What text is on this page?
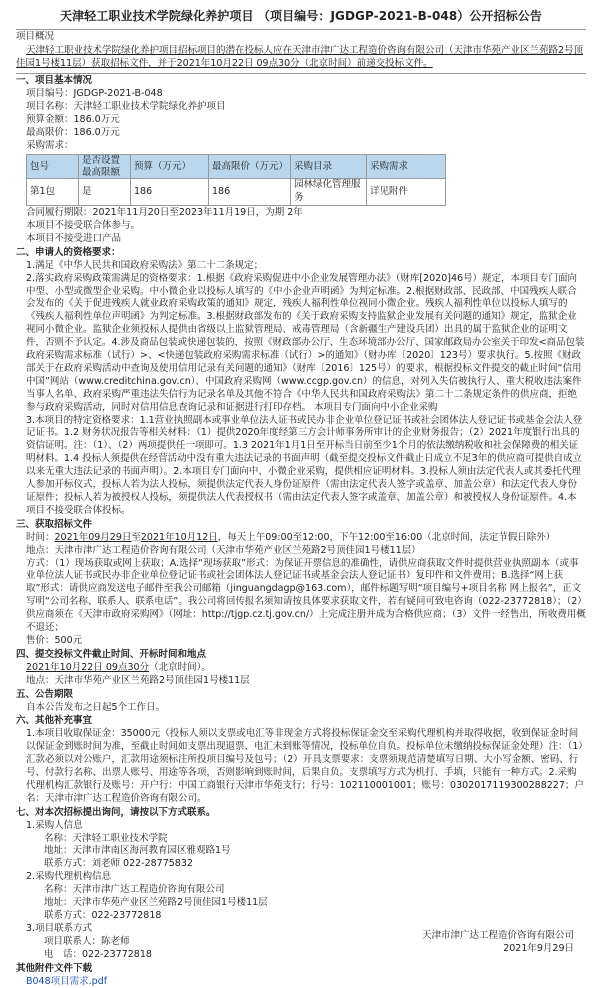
天津轻工职业技术学院绿化养护项目 （项目编号：JGDGP-2021-B-048）公开招标公告
项目概况
天津轻工职业技术学院绿化养护项目招标项目的潜在投标人应在天津市津广达工程造价咨询有限公司（天津市华苑产业区兰苑路2号顶佳园1号楼11层）获取招标文件，并于2021年10月22日 09点30分（北京时间）前递交投标文件。
一、项目基本情况
项目编号：JGDGP-2021-B-048
项目名称：天津轻工职业技术学院绿化养护项目
预算金额：186.0万元
最高限价：186.0万元
采购需求：
包号	是否设置最高限额	预算（万元）	最高限价（万元）	采购目录	采购需求
第1包	是	186	186	园林绿化管理服务	详见附件
合同履行期限：2021年11月20日至2023年11月19日，为期 2年
本项目不接受联合体参与。
本项目不接受进口产品
二、申请人的资格要求：
1.满足《中华人民共和国政府采购法》第二十二条规定；
2.落实政府采购政策需满足的资格要求：1.根据《政府采购促进中小企业发展管理办法》（财库[2020]46号）规定，本项目专门面向中型、小型或微型企业采购。中小微企业以投标人填写的《中小企业声明函》为判定标准。2.根据财政部、民政部、中国残疾人联合会发布的《关于促进残疾人就业政府采购政策的通知》规定，残疾人福利性单位视同小微企业。残疾人福利性单位以投标人填写的《残疾人福利性单位声明函》为判定标准。3.根据财政部发布的《关于政府采购支持监狱企业发展有关问题的通知》规定，监狱企业视同小微企业。监狱企业须投标人提供由省级以上监狱管理局、戒毒管理局（含新疆生产建设兵团）出具的属于监狱企业的证明文件，否则不予认定。4.涉及商品包装或快递包装的，按照《财政部办公厅、生态环境部办公厅、国家邮政局办公室关于印发<商品包装政府采购需求标准（试行）>、<快递包装政府采购需求标准（试行）>的通知》（财办库〔2020〕123号）要求执行。5.按照《财政部关于在政府采购活动中查询及使用信用记录有关问题的通知》（财库〔2016〕125号）的要求，根据投标文件提交的截止时间“信用中国”网站（www.creditchina.gov.cn）、中国政府采购网（www.ccgp.gov.cn）的信息，对列入失信被执行人、重大税收违法案件当事人名单、政府采购严重违法失信行为记录名单及其他不符合《中华人民共和国政府采购法》第二十二条规定条件的供应商，拒绝参与政府采购活动，同时对信用信息查询记录和证据进行打印存档。 本项目专门面向中小企业采购
3.本项目的特定资格要求：1.1营业执照副本或事业单位法人证书或民办非企业单位登记证书或社会团体法人登记证书或基金会法人登记证书。1.2 财务状况报告等相关材料：（1）提供2020年度经第三方会计师事务所审计的企业财务报告；（2）2021年度银行出具的资信证明。注：（1）、（2）两项提供任一项即可。1.3 2021年1月1日至开标当日前至少1个月的依法缴纳税收和社会保障费的相关证明材料。1.4 投标人须提供在经营活动中没有重大违法记录的书面声明（截至提交投标文件截止日成立不足3年的供应商可提供自成立以来无重大违法记录的书面声明）。2.本项目专门面向中、小微企业采购，提供相应证明材料。3.投标人须由法定代表人或其委托代理人参加开标仪式，投标人若为法人投标，须提供法定代表人身份证原件（需由法定代表人签字或盖章、加盖公章）和法定代表人身份证原件；投标人若为被授权人投标，须提供法人代表授权书（需由法定代表人签字或盖章、加盖公章）和被授权人身份证原件。4.本项目不接受联合体投标。
三、获取招标文件
时间：2021年09月29日至2021年10月12日，每天上午09:00至12:00，下午12:00至16:00（北京时间，法定节假日除外）
地点：天津市津广达工程造价咨询有限公司（天津市华苑产业区兰苑路2号顶佳园1号楼11层）
方式：（1）现场获取或网上获取；A.选择“现场获取”形式：为保证开票信息的准确性，请供应商获取文件时提供营业执照副本（或事业单位法人证书或民办非企业单位登记证书或社会团体法人登记证书或基金会法人登记证书）复印件和文件费用；B.选择“网上获取”形式：请供应商发送电子邮件至我公司邮箱（jinguangdagp@163.com），邮件标题写明“项目编号+项目名称 网上报名”，正文写明“公司名称、联系人、联系电话”。我公司将回传报名须知请按具体要求获取文件，若有疑问可致电咨询（022-23772818）；（2）供应商须在《天津市政府采购网》（网址：http://tjgp.cz.tj.gov.cn/）上完成注册并成为合格供应商；（3）文件一经售出，所收费用概不退还；
售价：500元
四、提交投标文件截止时间、开标时间和地点
2021年10月22日 09点30分（北京时间）。
地点：天津市华苑产业区兰苑路2号顶佳园1号楼11层
五、公告期限
自本公告发布之日起5个工作日。
六、其他补充事宜
1.本项目收取保证金：35000元（投标人须以支票或电汇等非现金方式将投标保证金交至采购代理机构并取得收据，收到保证金时间以保证金到账时间为准，至截止时间如支票出现退票、电汇未到账等情况，投标单位自负。投标单位未缴纳投标保证金处理）注：（1）汇款必须以对公账户，汇款用途须标注所投项目编号及包号；（2）开具支票要求：支票须规范清楚填写日期、大小写金额、密码、行号、付款行名称、出票人账号、用途等各项，否则影响到账时间，后果自负。支票填写方式为机打、手填，只能有一种方式。2.采购代理机构汇款银行及账号：开户行：中国工商银行天津市华苑支行；行号：102110001001；账号：0302017119300288227；户名：天津市津广达工程造价咨询有限公司。
七、对本次招标提出询问，请按以下方式联系。
1.采购人信息
名称：天津轻工职业技术学院
地址：天津市津南区海河教育园区雅观路1号
联系方式：刘老师 022-28775832
2.采购代理机构信息
名称：天津市津广达工程造价咨询有限公司
地址：天津市华苑产业区兰苑路2号顶佳园1号楼11层
联系方式：022-23772818
3.项目联系方式
项目联系人：陈老师
电　话：022-23772818
其他附件文件下载
B048项目需求.pdf
天津市津广达工程造价咨询有限公司
2021年9月29日
